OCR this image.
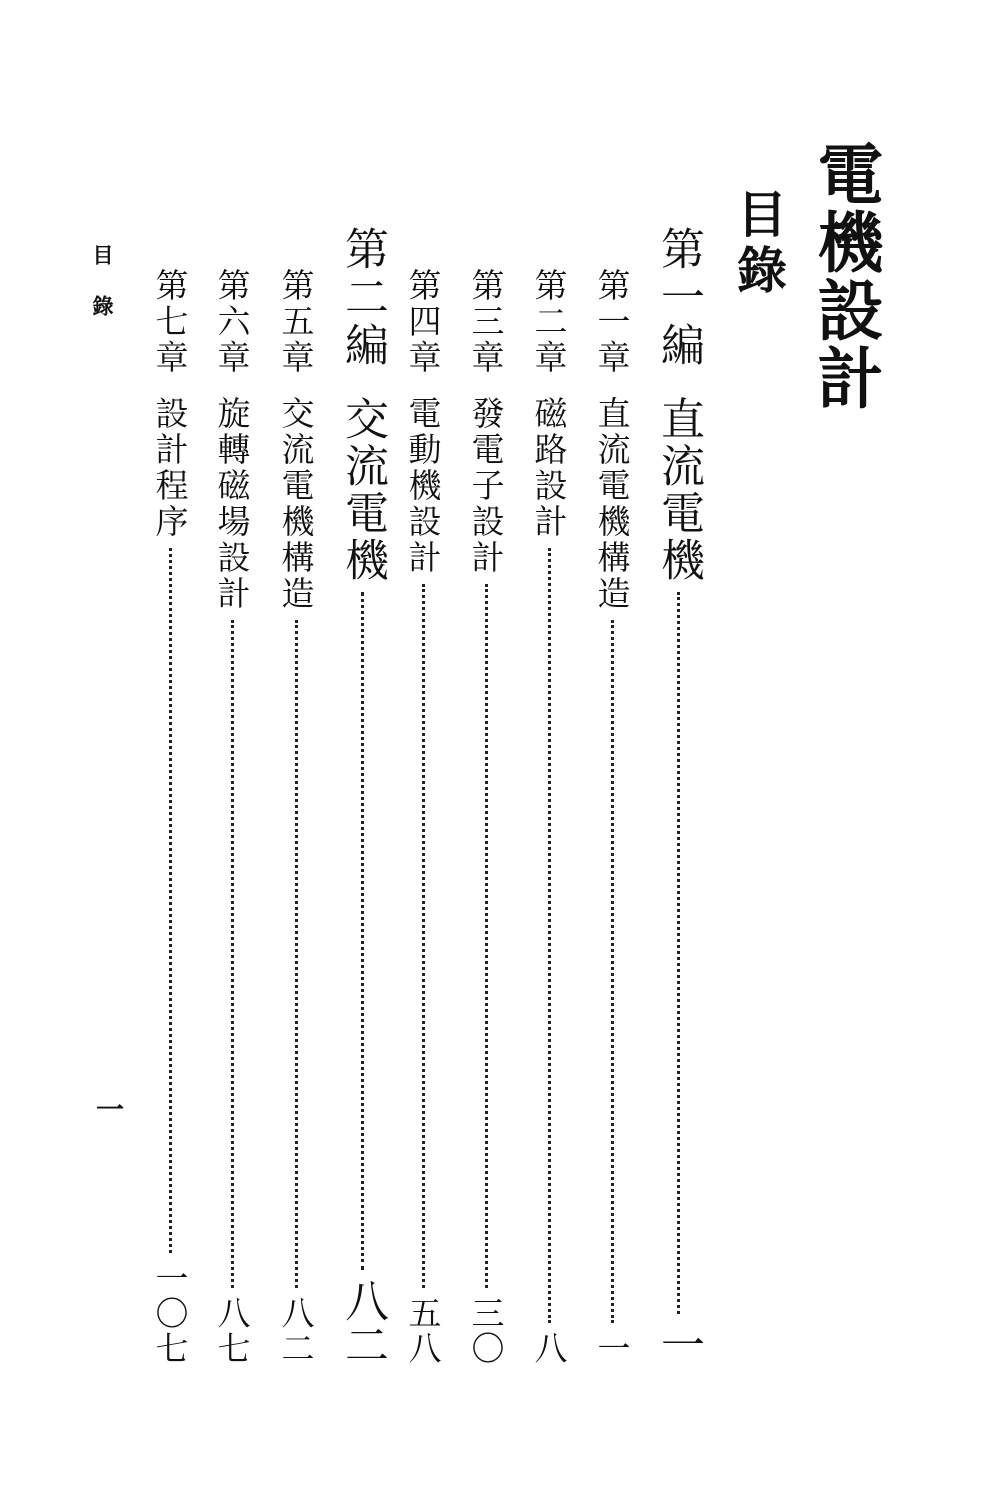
電機設計
目錄
第一編
直流電機
一
第一章
直流電機構造
一
第二章
磁路設計
八
第三章
發電子設計
三〇
第四章
電動機設計
五八
第二編
交流電機
八二
第五章
交流電機構造
八二
第六章
旋轉磁場設計
八七
第七章
設計程序
一〇七
目錄
一
